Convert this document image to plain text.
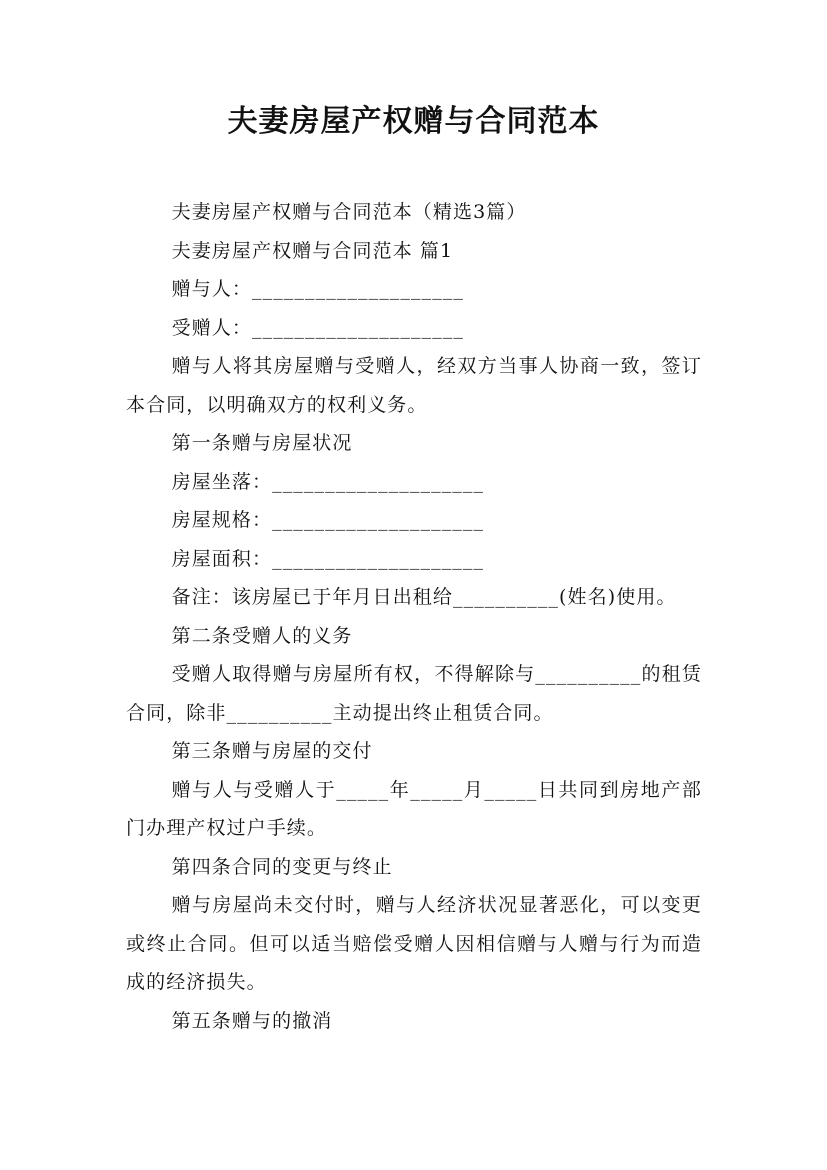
夫妻房屋产权赠与合同范本

夫妻房屋产权赠与合同范本（精选3篇）

夫妻房屋产权赠与合同范本 篇1

赠与人：____________________

受赠人：____________________

赠与人将其房屋赠与受赠人，经双方当事人协商一致，签订本合同，以明确双方的权利义务。

第一条赠与房屋状况

房屋坐落：____________________

房屋规格：____________________

房屋面积：____________________

备注：该房屋已于年月日出租给__________(姓名)使用。

第二条受赠人的义务

受赠人取得赠与房屋所有权，不得解除与__________的租赁合同，除非__________主动提出终止租赁合同。

第三条赠与房屋的交付

赠与人与受赠人于_____年_____月_____日共同到房地产部门办理产权过户手续。

第四条合同的变更与终止

赠与房屋尚未交付时，赠与人经济状况显著恶化，可以变更或终止合同。但可以适当赔偿受赠人因相信赠与人赠与行为而造成的经济损失。

第五条赠与的撤消
